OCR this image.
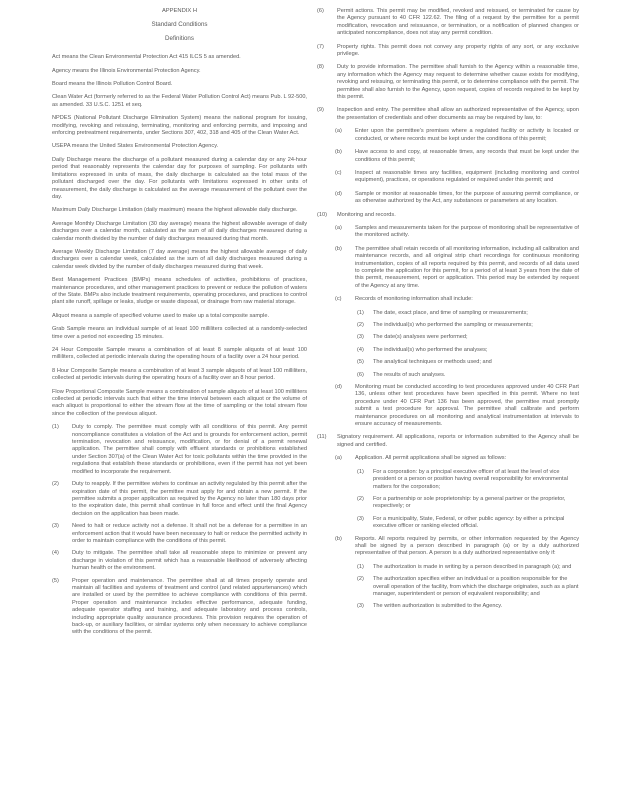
APPENDIX H
Standard Conditions
Definitions

Act means the Clean Environmental Protection Act 415 ILCS 5 as amended.

Agency means the Illinois Environmental Protection Agency.

Board means the Illinois Pollution Control Board.

Clean Water Act (formerly referred to as the Federal Water Pollution Control Act) means Pub. L 92-500, as amended. 33 U.S.C. 1251 et seq.

NPDES (National Pollutant Discharge Elimination System) means the national program for issuing, modifying, revoking and reissuing, terminating, monitoring and enforcing permits, and imposing and enforcing pretreatment requirements, under Sections 307, 402, 318 and 405 of the Clean Water Act.

USEPA means the United States Environmental Protection Agency.

Daily Discharge means the discharge of a pollutant measured during a calendar day or any 24-hour period that reasonably represents the calendar day for purposes of sampling. For pollutants with limitations expressed in units of mass, the daily discharge is calculated as the total mass of the pollutant discharged over the day. For pollutants with limitations expressed in other units of measurement, the daily discharge is calculated as the average measurement of the pollutant over the day.

Maximum Daily Discharge Limitation (daily maximum) means the highest allowable daily discharge.

Average Monthly Discharge Limitation (30 day average) means the highest allowable average of daily discharges over a calendar month, calculated as the sum of all daily discharges measured during a calendar month divided by the number of daily discharges measured during that month.

Average Weekly Discharge Limitation (7 day average) means the highest allowable average of daily discharges over a calendar week, calculated as the sum of all daily discharges measured during a calendar week divided by the number of daily discharges measured during that week.

Best Management Practices (BMPs) means schedules of activities, prohibitions of practices, maintenance procedures, and other management practices to prevent or reduce the pollution of waters of the State. BMPs also include treatment requirements, operating procedures, and practices to control plant site runoff, spillage or leaks, sludge or waste disposal, or drainage from raw material storage.

Aliquot means a sample of specified volume used to make up a total composite sample.

Grab Sample means an individual sample of at least 100 milliliters collected at a randomly-selected time over a period not exceeding 15 minutes.

24 Hour Composite Sample means a combination of at least 8 sample aliquots of at least 100 milliliters, collected at periodic intervals during the operating hours of a facility over a 24 hour period.

8 Hour Composite Sample means a combination of at least 3 sample aliquots of at least 100 milliliters, collected at periodic intervals during the operating hours of a facility over an 8 hour period.

Flow Proportional Composite Sample means a combination of sample aliquots of at least 100 milliliters collected at periodic intervals such that either the time interval between each aliquot or the volume of each aliquot is proportional to either the stream flow at the time of sampling or the total stream flow since the collection of the previous aliquot.

(1)	Duty to comply. The permittee must comply with all conditions of this permit. Any permit noncompliance constitutes a violation of the Act and is grounds for enforcement action, permit termination, revocation and reissuance, modification, or for denial of a permit renewal application. The permittee shall comply with effluent standards or prohibitions established under Section 307(a) of the Clean Water Act for toxic pollutants within the time provided in the regulations that establish these standards or prohibitions, even if the permit has not yet been modified to incorporate the requirement.
(2)	Duty to reapply. If the permittee wishes to continue an activity regulated by this permit after the expiration date of this permit, the permittee must apply for and obtain a new permit. If the permittee submits a proper application as required by the Agency no later than 180 days prior to the expiration date, this permit shall continue in full force and effect until the final Agency decision on the application has been made.
(3)	Need to halt or reduce activity not a defense. It shall not be a defense for a permittee in an enforcement action that it would have been necessary to halt or reduce the permitted activity in order to maintain compliance with the conditions of this permit.
(4)	Duty to mitigate. The permittee shall take all reasonable steps to minimize or prevent any discharge in violation of this permit which has a reasonable likelihood of adversely affecting human health or the environment.
(5)	Proper operation and maintenance. The permittee shall at all times properly operate and maintain all facilities and systems of treatment and control (and related appurtenances) which are installed or used by the permittee to achieve compliance with conditions of this permit. Proper operation and maintenance includes effective performance, adequate funding, adequate operator staffing and training, and adequate laboratory and process controls, including appropriate quality assurance procedures. This provision requires the operation of back-up, or auxiliary facilities, or similar systems only when necessary to achieve compliance with the conditions of the permit.
(6)	Permit actions. This permit may be modified, revoked and reissued, or terminated for cause by the Agency pursuant to 40 CFR 122.62. The filing of a request by the permittee for a permit modification, revocation and reissuance, or termination, or a notification of planned changes or anticipated noncompliance, does not stay any permit condition.
(7)	Property rights. This permit does not convey any property rights of any sort, or any exclusive privilege.
(8)	Duty to provide information. The permittee shall furnish to the Agency within a reasonable time, any information which the Agency may request to determine whether cause exists for modifying, revoking and reissuing, or terminating this permit, or to determine compliance with the permit. The permittee shall also furnish to the Agency, upon request, copies of records required to be kept by this permit.
(9)	Inspection and entry. The permittee shall allow an authorized representative of the Agency, upon the presentation of credentials and other documents as may be required by law, to:
(a)	Enter upon the permittee's premises where a regulated facility or activity is located or conducted, or where records must be kept under the conditions of this permit;
(b)	Have access to and copy, at reasonable times, any records that must be kept under the conditions of this permit;
(c)	Inspect at reasonable times any facilities, equipment (including monitoring and control equipment), practices, or operations regulated or required under this permit; and
(d)	Sample or monitor at reasonable times, for the purpose of assuring permit compliance, or as otherwise authorized by the Act, any substances or parameters at any location.
(10)	Monitoring and records.
(a)	Samples and measurements taken for the purpose of monitoring shall be representative of the monitored activity.
(b)	The permittee shall retain records of all monitoring information, including all calibration and maintenance records, and all original strip chart recordings for continuous monitoring instrumentation, copies of all reports required by this permit, and records of all data used to complete the application for this permit, for a period of at least 3 years from the date of this permit, measurement, report or application. This period may be extended by request of the Agency at any time.
(c)	Records of monitoring information shall include:
(1)	The date, exact place, and time of sampling or measurements;
(2)	The individual(s) who performed the sampling or measurements;
(3)	The date(s) analyses were performed;
(4)	The individual(s) who performed the analyses;
(5)	The analytical techniques or methods used; and
(6)	The results of such analyses.
(d)	Monitoring must be conducted according to test procedures approved under 40 CFR Part 136, unless other test procedures have been specified in this permit. Where no test procedure under 40 CFR Part 136 has been approved, the permittee must promptly submit a test procedure for approval. The permittee shall calibrate and perform maintenance procedures on all monitoring and analytical instrumentation at intervals to ensure accuracy of measurements.
(11)	Signatory requirement. All applications, reports or information submitted to the Agency shall be signed and certified.
(a)	Application. All permit applications shall be signed as follows:
(1)	For a corporation: by a principal executive officer of at least the level of vice president or a person or position having overall responsibility for environmental matters for the corporation;
(2)	For a partnership or sole proprietorship: by a general partner or the proprietor, respectively; or
(3)	For a municipality, State, Federal, or other public agency: by either a principal executive officer or ranking elected official.
(b)	Reports. All reports required by permits, or other information requested by the Agency shall be signed by a person described in paragraph (a) or by a duly authorized representative of that person. A person is a duly authorized representative only if:
(1)	The authorization is made in writing by a person described in paragraph (a); and
(2)	The authorization specifies either an individual or a position responsible for the overall operation of the facility, from which the discharge originates, such as a plant manager, superintendent or person of equivalent responsibility; and
(3)	The written authorization is submitted to the Agency.
